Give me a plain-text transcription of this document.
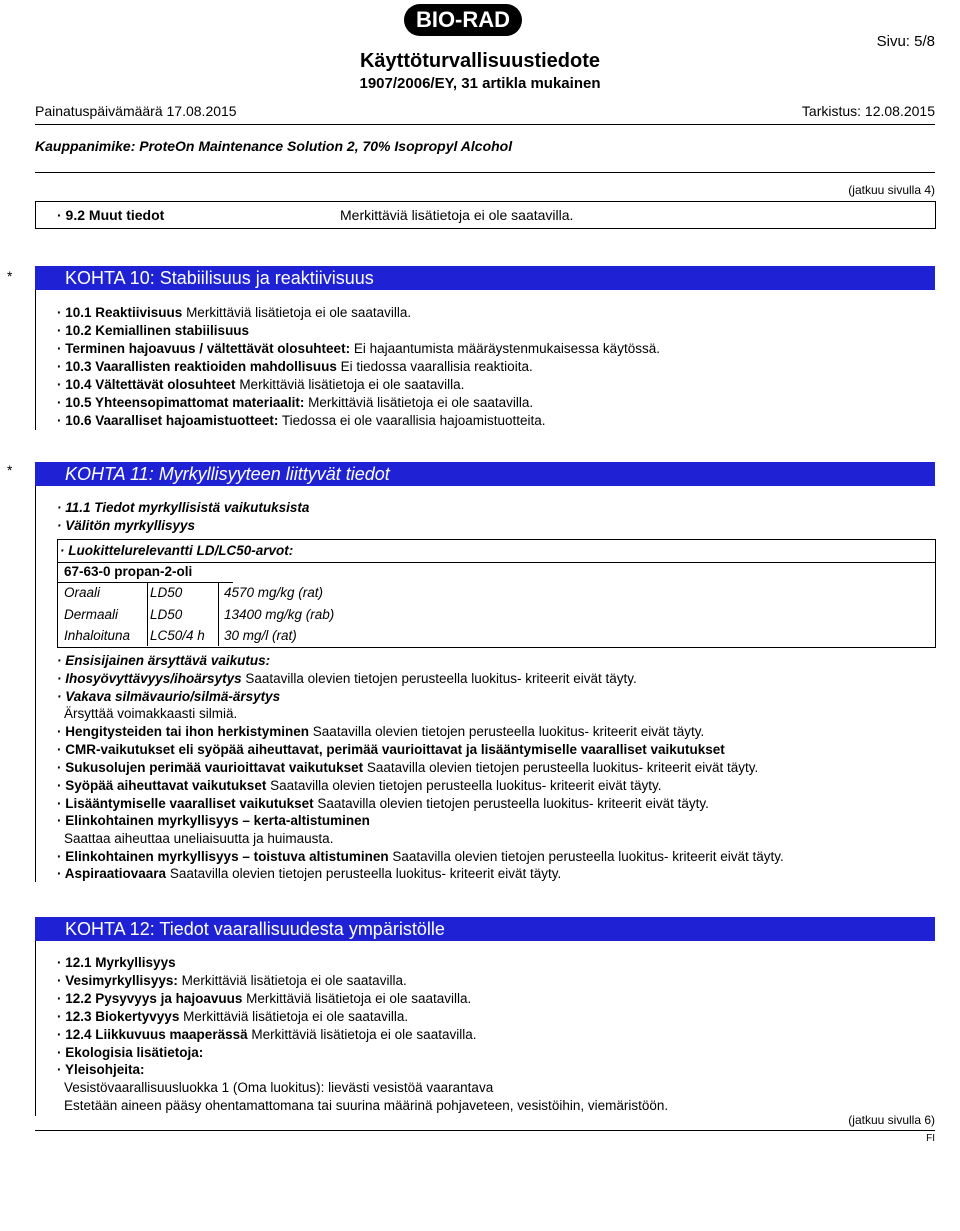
BIO-RAD
Sivu: 5/8
Käyttöturvallisuustiedote
1907/2006/EY, 31 artikla mukainen
Painatuspäivämäärä 17.08.2015	Tarkistus: 12.08.2015
Kauppanimike: ProteOn Maintenance Solution 2, 70% Isopropyl Alcohol
(jatkuu sivulla 4)
· 9.2 Muut tiedot	Merkittäviä lisätietoja ei ole saatavilla.
*	KOHTA 10: Stabiilisuus ja reaktiivisuus
· 10.1 Reaktiivisuus Merkittäviä lisätietoja ei ole saatavilla.
· 10.2 Kemiallinen stabiilisuus
· Terminen hajoavuus / vältettävät olosuhteet: Ei hajaantumista määräystenmukaisessa käytössä.
· 10.3 Vaarallisten reaktioiden mahdollisuus Ei tiedossa vaarallisia reaktioita.
· 10.4 Vältettävät olosuhteet Merkittäviä lisätietoja ei ole saatavilla.
· 10.5 Yhteensopimattomat materiaalit: Merkittäviä lisätietoja ei ole saatavilla.
· 10.6 Vaaralliset hajoamistuotteet: Tiedossa ei ole vaarallisia hajoamistuotteita.
*	KOHTA 11: Myrkyllisyyteen liittyvät tiedot
· 11.1 Tiedot myrkyllisistä vaikutuksista
· Välitön myrkyllisyys
· Luokittelurelevantti LD/LC50-arvot:
67-63-0 propan-2-oli
Oraali	LD50	4570 mg/kg (rat)
Dermaali LD50	13400 mg/kg (rab)
Inhaloituna LC50/4 h 30 mg/l (rat)
· Ensisijainen ärsyttävä vaikutus:
· Ihosyövyttävyys/ihoärsytys Saatavilla olevien tietojen perusteella luokitus- kriteerit eivät täyty.
· Vakava silmävaurio/silmä-ärsytys
Ärsyttää voimakkaasti silmiä.
· Hengitysteiden tai ihon herkistyminen Saatavilla olevien tietojen perusteella luokitus- kriteerit eivät täyty.
· CMR-vaikutukset eli syöpää aiheuttavat, perimää vaurioittavat ja lisääntymiselle vaaralliset vaikutukset
· Sukusolujen perimää vaurioittavat vaikutukset Saatavilla olevien tietojen perusteella luokitus- kriteerit eivät täyty.
· Syöpää aiheuttavat vaikutukset Saatavilla olevien tietojen perusteella luokitus- kriteerit eivät täyty.
· Lisääntymiselle vaaralliset vaikutukset Saatavilla olevien tietojen perusteella luokitus- kriteerit eivät täyty.
· Elinkohtainen myrkyllisyys – kerta-altistuminen
Saattaa aiheuttaa uneliaisuutta ja huimausta.
· Elinkohtainen myrkyllisyys – toistuva altistuminen Saatavilla olevien tietojen perusteella luokitus- kriteerit eivät täyty.
· Aspiraatiovaara Saatavilla olevien tietojen perusteella luokitus- kriteerit eivät täyty.
KOHTA 12: Tiedot vaarallisuudesta ympäristölle
· 12.1 Myrkyllisyys
· Vesimyrkyllisyys: Merkittäviä lisätietoja ei ole saatavilla.
· 12.2 Pysyvyys ja hajoavuus Merkittäviä lisätietoja ei ole saatavilla.
· 12.3 Biokertyvyys Merkittäviä lisätietoja ei ole saatavilla.
· 12.4 Liikkuvuus maaperässä Merkittäviä lisätietoja ei ole saatavilla.
· Ekologisia lisätietoja:
· Yleisohjeita:
Vesistövaarallisuusluokka 1 (Oma luokitus): lievästi vesistöä vaarantava
Estetään aineen pääsy ohentamattomana tai suurina määrinä pohjaveteen, vesistöihin, viemäristöön.
(jatkuu sivulla 6)
FI
